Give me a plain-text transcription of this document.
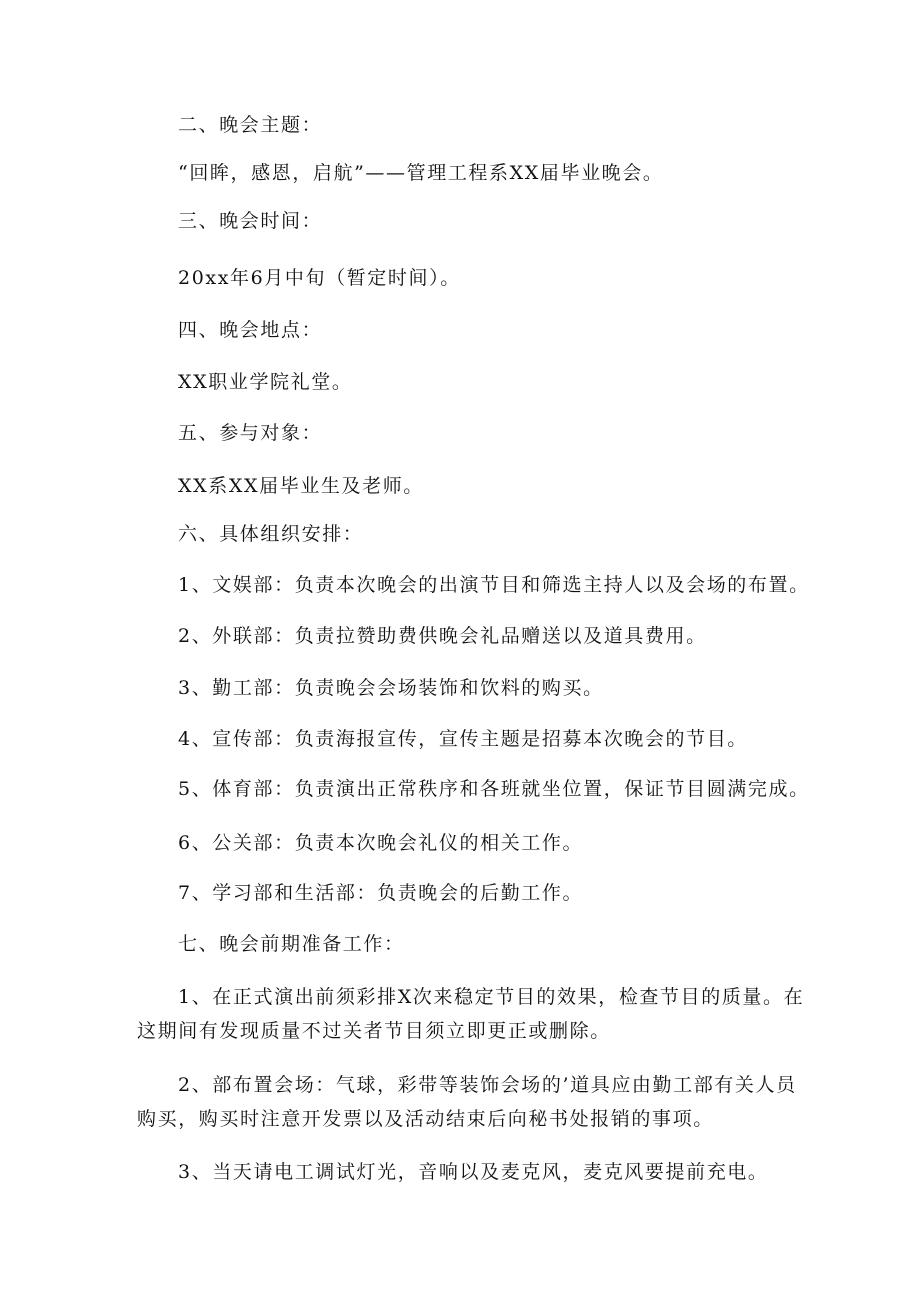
二、晚会主题：

“回眸，感恩，启航”——管理工程系XX届毕业晚会。

三、晚会时间：

20xx年6月中旬（暂定时间）。

四、晚会地点：

XX职业学院礼堂。

五、参与对象：

XX系XX届毕业生及老师。

六、具体组织安排：

1、文娱部：负责本次晚会的出演节目和筛选主持人以及会场的布置。

2、外联部：负责拉赞助费供晚会礼品赠送以及道具费用。

3、勤工部：负责晚会会场装饰和饮料的购买。

4、宣传部：负责海报宣传，宣传主题是招募本次晚会的节目。

5、体育部：负责演出正常秩序和各班就坐位置，保证节目圆满完成。

6、公关部：负责本次晚会礼仪的相关工作。

7、学习部和生活部：负责晚会的后勤工作。

七、晚会前期准备工作：

1、在正式演出前须彩排X次来稳定节目的效果，检查节目的质量。在

这期间有发现质量不过关者节目须立即更正或删除。

2、部布置会场：气球，彩带等装饰会场的’道具应由勤工部有关人员

购买，购买时注意开发票以及活动结束后向秘书处报销的事项。

3、当天请电工调试灯光，音响以及麦克风，麦克风要提前充电。
